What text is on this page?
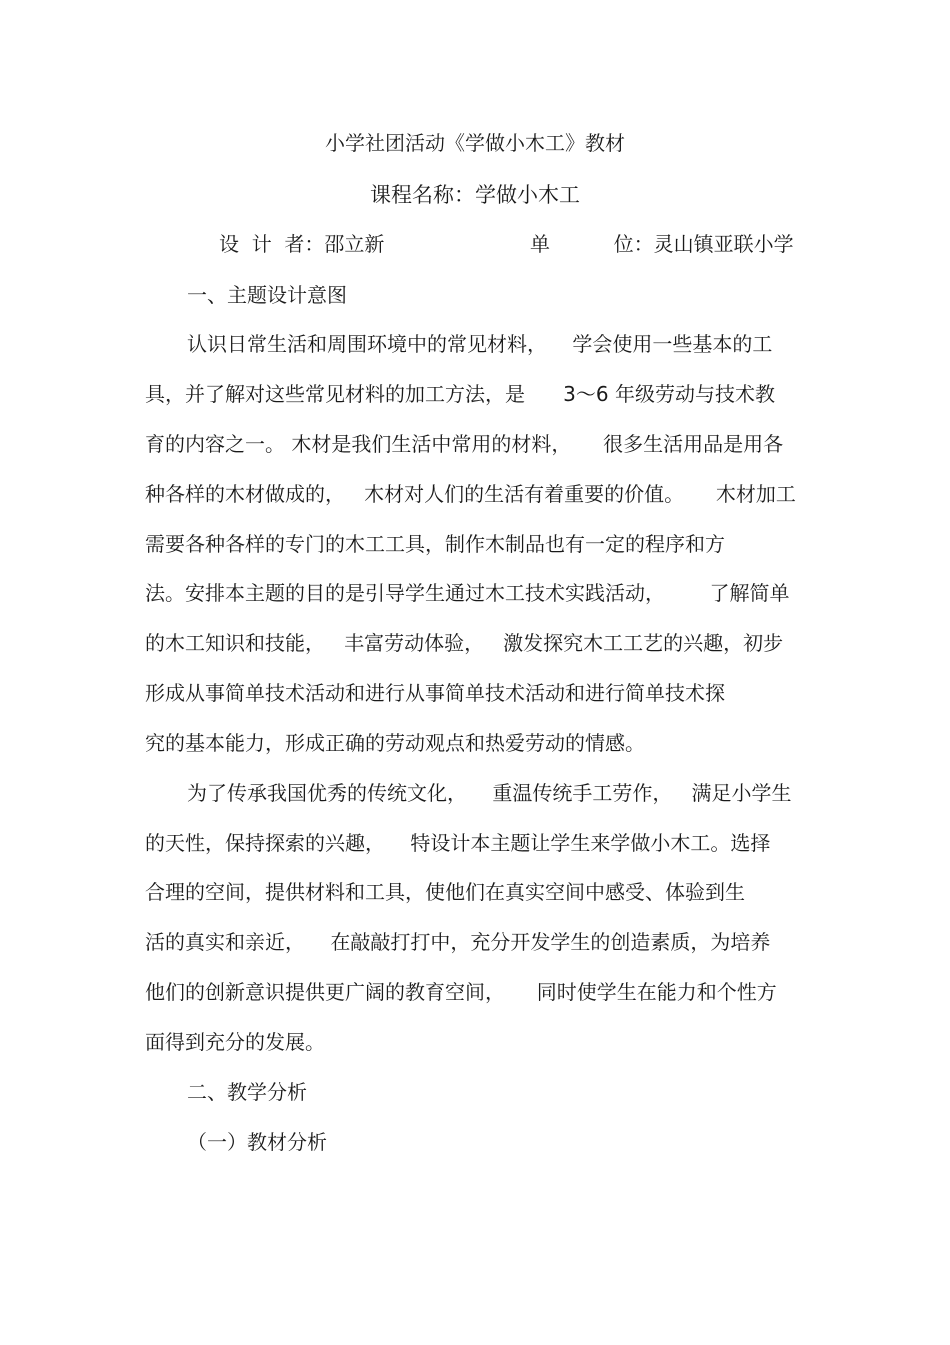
小学社团活动《学做小木工》教材
课程名称：学做小木工
设  计  者：邵立新	单          位：灵山镇亚联小学
一、主题设计意图
认识日常生活和周围环境中的常见材料，    学会使用一些基本的工
具，并了解对这些常见材料的加工方法，是      3～6 年级劳动与技术教
育的内容之一。 木材是我们生活中常用的材料，     很多生活用品是用各
种各样的木材做成的，   木材对人们的生活有着重要的价值。     木材加工
需要各种各样的专门的木工工具，制作木制品也有一定的程序和方
法。安排本主题的目的是引导学生通过木工技术实践活动，       了解简单
的木工知识和技能，   丰富劳动体验，   激发探究木工工艺的兴趣，初步
形成从事简单技术活动和进行从事简单技术活动和进行简单技术探
究的基本能力，形成正确的劳动观点和热爱劳动的情感。
为了传承我国优秀的传统文化，    重温传统手工劳作，   满足小学生
的天性，保持探索的兴趣，    特设计本主题让学生来学做小木工。选择
合理的空间，提供材料和工具，使他们在真实空间中感受、体验到生
活的真实和亲近，    在敲敲打打中，充分开发学生的创造素质，为培养
他们的创新意识提供更广阔的教育空间，     同时使学生在能力和个性方
面得到充分的发展。
二、教学分析
（一）教材分析
